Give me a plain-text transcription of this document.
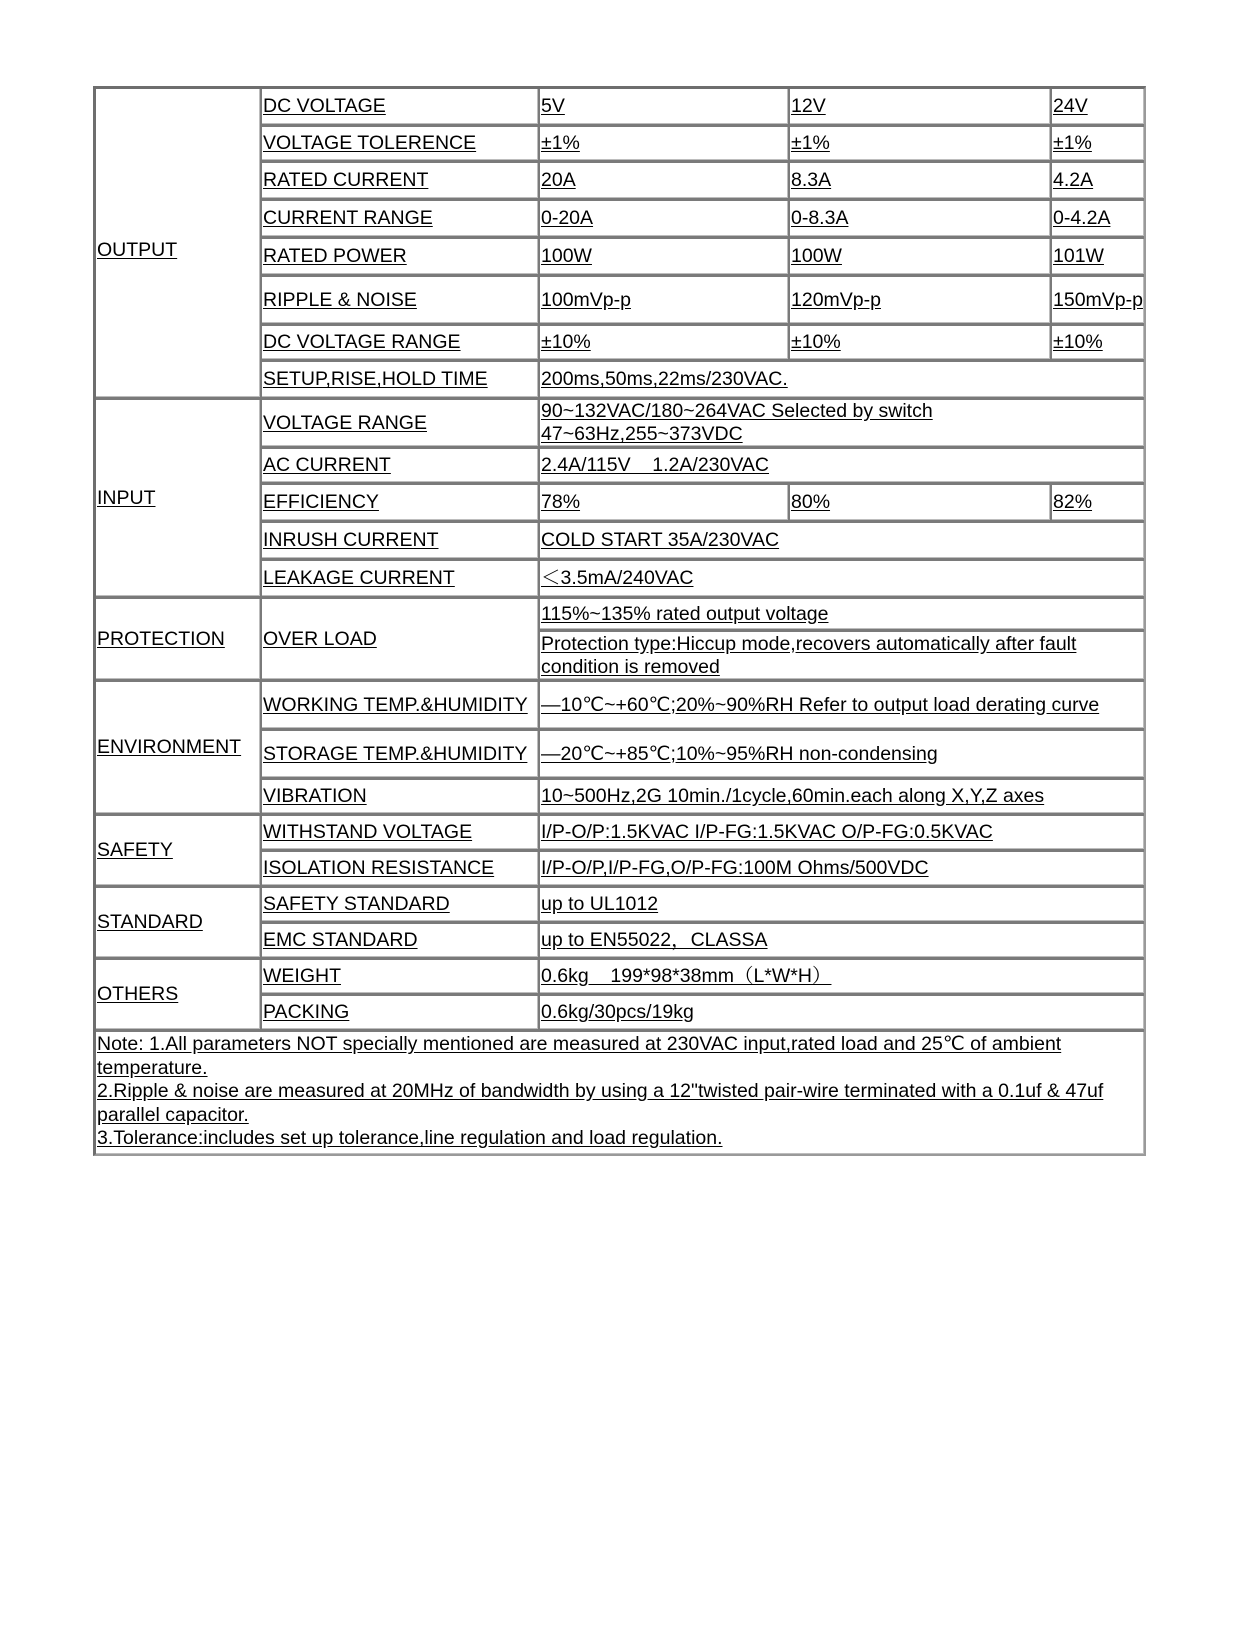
OUTPUT	DC VOLTAGE	5V	12V	24V
	VOLTAGE TOLERENCE	±1%	±1%	±1%
	RATED CURRENT	20A	8.3A	4.2A
	CURRENT RANGE	0-20A	0-8.3A	0-4.2A
	RATED POWER	100W	100W	101W
	RIPPLE & NOISE	100mVp-p	120mVp-p	150mVp-p
	DC VOLTAGE RANGE	±10%	±10%	±10%
	SETUP,RISE,HOLD TIME	200ms,50ms,22ms/230VAC.		
INPUT	VOLTAGE RANGE	90~132VAC/180~264VAC Selected by switch
47~63Hz,255~373VDC		

	AC CURRENT	2.4A/115V    1.2A/230VAC		
	EFFICIENCY	78%	80%	82%
	INRUSH CURRENT	COLD START 35A/230VAC		
	LEAKAGE CURRENT	＜3.5mA/240VAC		
PROTECTION	OVER LOAD	115%~135% rated output voltage		
		Protection type:Hiccup mode,recovers automatically after fault condition is removed		
ENVIRONMENT	WORKING TEMP.&HUMIDITY	—10℃~+60℃;20%~90%RH Refer to output load derating curve		
	STORAGE TEMP.&HUMIDITY	—20℃~+85℃;10%~95%RH non-condensing		
	VIBRATION	10~500Hz,2G 10min./1cycle,60min.each along X,Y,Z axes		
SAFETY	WITHSTAND VOLTAGE	I/P-O/P:1.5KVAC I/P-FG:1.5KVAC O/P-FG:0.5KVAC		
	ISOLATION RESISTANCE	I/P-O/P,I/P-FG,O/P-FG:100M Ohms/500VDC		
STANDARD	SAFETY STANDARD	up to UL1012		
	EMC STANDARD	up to EN55022，CLASSA		
OTHERS	WEIGHT	0.6kg    199*98*38mm（L*W*H）		
	PACKING	0.6kg/30pcs/19kg		

Note: 1.All parameters NOT specially mentioned are measured at 230VAC input,rated load and 25℃ of ambient temperature.
2.Ripple & noise are measured at 20MHz of bandwidth by using a 12"twisted pair-wire terminated with a 0.1uf & 47uf parallel capacitor.
3.Tolerance:includes set up tolerance,line regulation and load regulation.				
